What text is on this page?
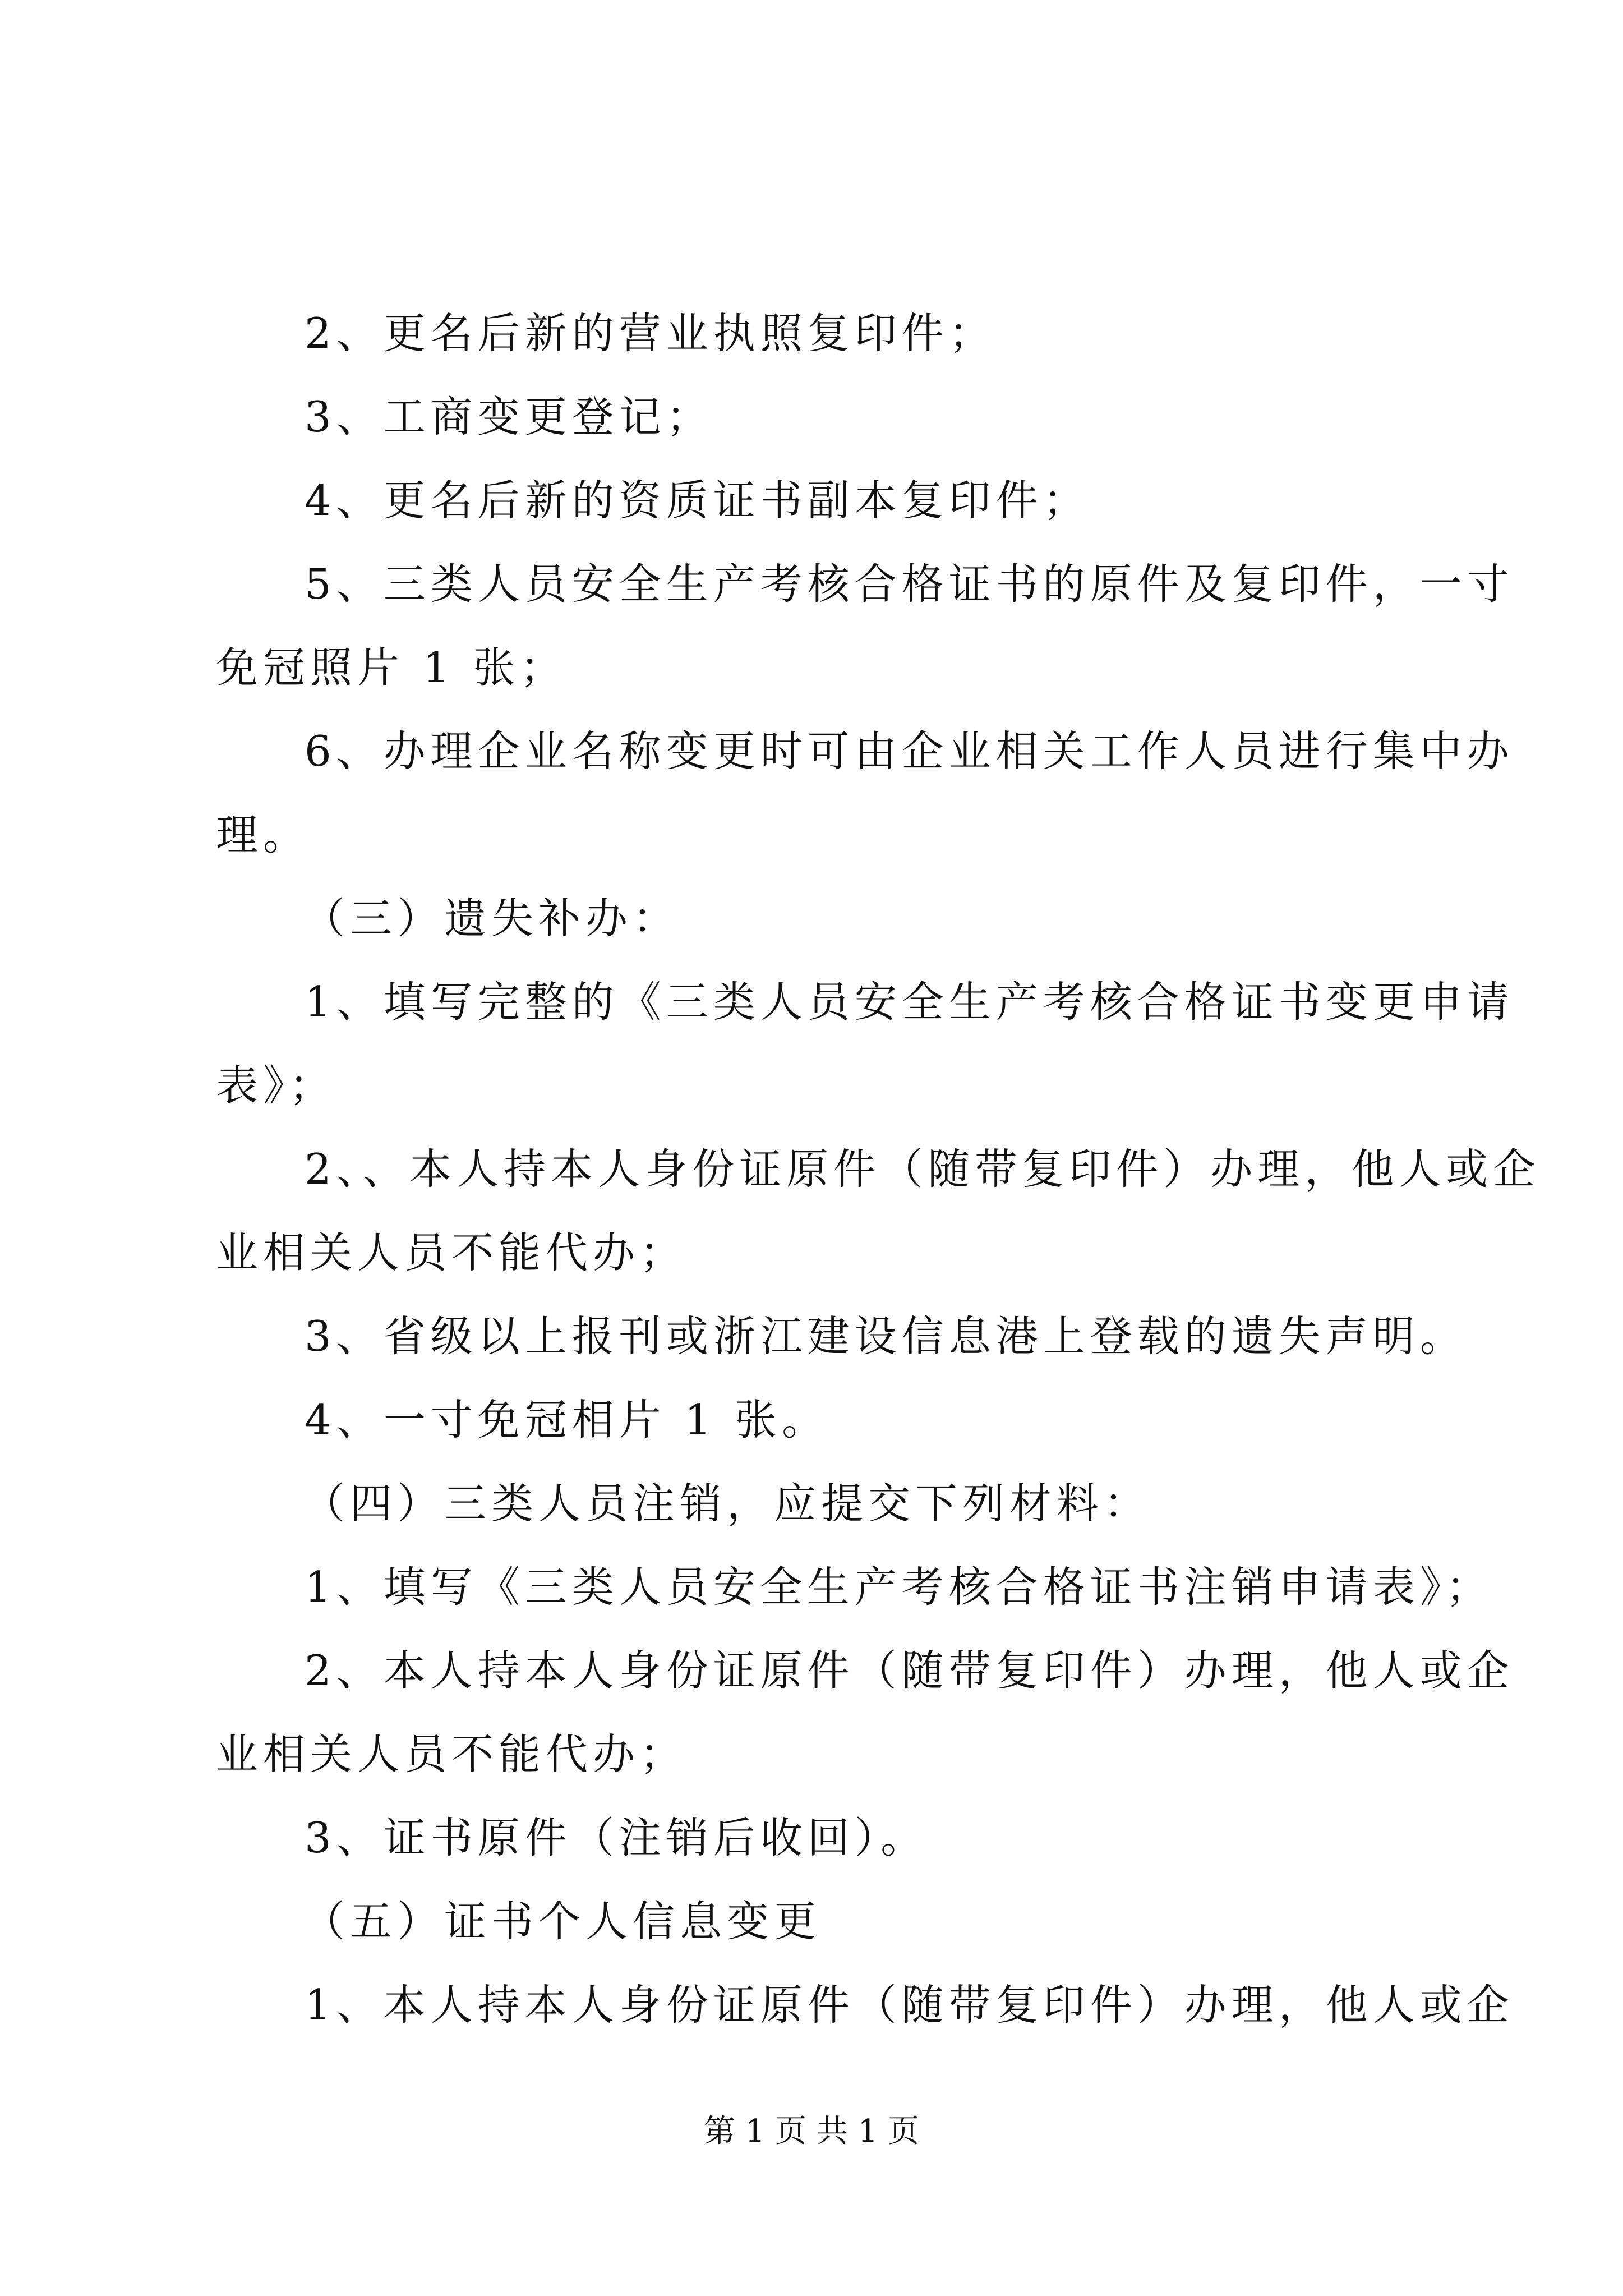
2、更名后新的营业执照复印件；
3、工商变更登记；
4、更名后新的资质证书副本复印件；
5、三类人员安全生产考核合格证书的原件及复印件，一寸
免冠照片 1 张；
6、办理企业名称变更时可由企业相关工作人员进行集中办
理。
（三）遗失补办：
1、填写完整的《三类人员安全生产考核合格证书变更申请
表》；
2、、本人持本人身份证原件（随带复印件）办理，他人或企
业相关人员不能代办；
3、省级以上报刊或浙江建设信息港上登载的遗失声明。
4、一寸免冠相片 1 张。
（四）三类人员注销，应提交下列材料：
1、填写《三类人员安全生产考核合格证书注销申请表》；
2、本人持本人身份证原件（随带复印件）办理，他人或企
业相关人员不能代办；
3、证书原件（注销后收回）。
（五）证书个人信息变更
1、本人持本人身份证原件（随带复印件）办理，他人或企
第 1 页 共 1 页
